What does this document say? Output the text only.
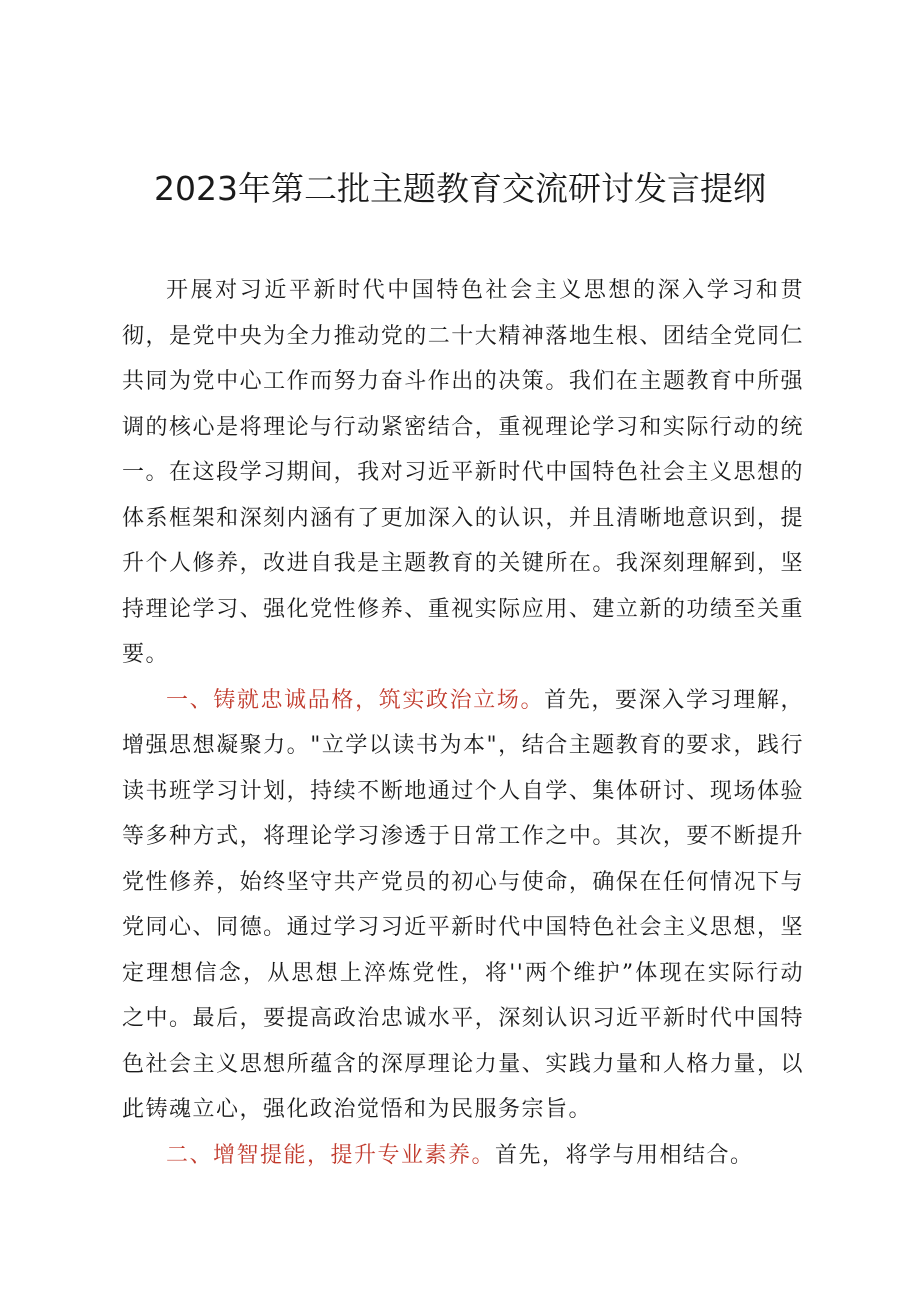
2023年第二批主题教育交流研讨发言提纲

开展对习近平新时代中国特色社会主义思想的深入学习和贯彻，是党中央为全力推动党的二十大精神落地生根、团结全党同仁共同为党中心工作而努力奋斗作出的决策。我们在主题教育中所强调的核心是将理论与行动紧密结合，重视理论学习和实际行动的统一。在这段学习期间，我对习近平新时代中国特色社会主义思想的体系框架和深刻内涵有了更加深入的认识，并且清晰地意识到，提升个人修养，改进自我是主题教育的关键所在。我深刻理解到，坚持理论学习、强化党性修养、重视实际应用、建立新的功绩至关重要。

一、铸就忠诚品格，筑实政治立场。首先，要深入学习理解，增强思想凝聚力。"立学以读书为本"，结合主题教育的要求，践行读书班学习计划，持续不断地通过个人自学、集体研讨、现场体验等多种方式，将理论学习渗透于日常工作之中。其次，要不断提升党性修养，始终坚守共产党员的初心与使命，确保在任何情况下与党同心、同德。通过学习习近平新时代中国特色社会主义思想，坚定理想信念，从思想上淬炼党性，将''两个维护”体现在实际行动之中。最后，要提高政治忠诚水平，深刻认识习近平新时代中国特色社会主义思想所蕴含的深厚理论力量、实践力量和人格力量，以此铸魂立心，强化政治觉悟和为民服务宗旨。

二、增智提能，提升专业素养。首先，将学与用相结合。
